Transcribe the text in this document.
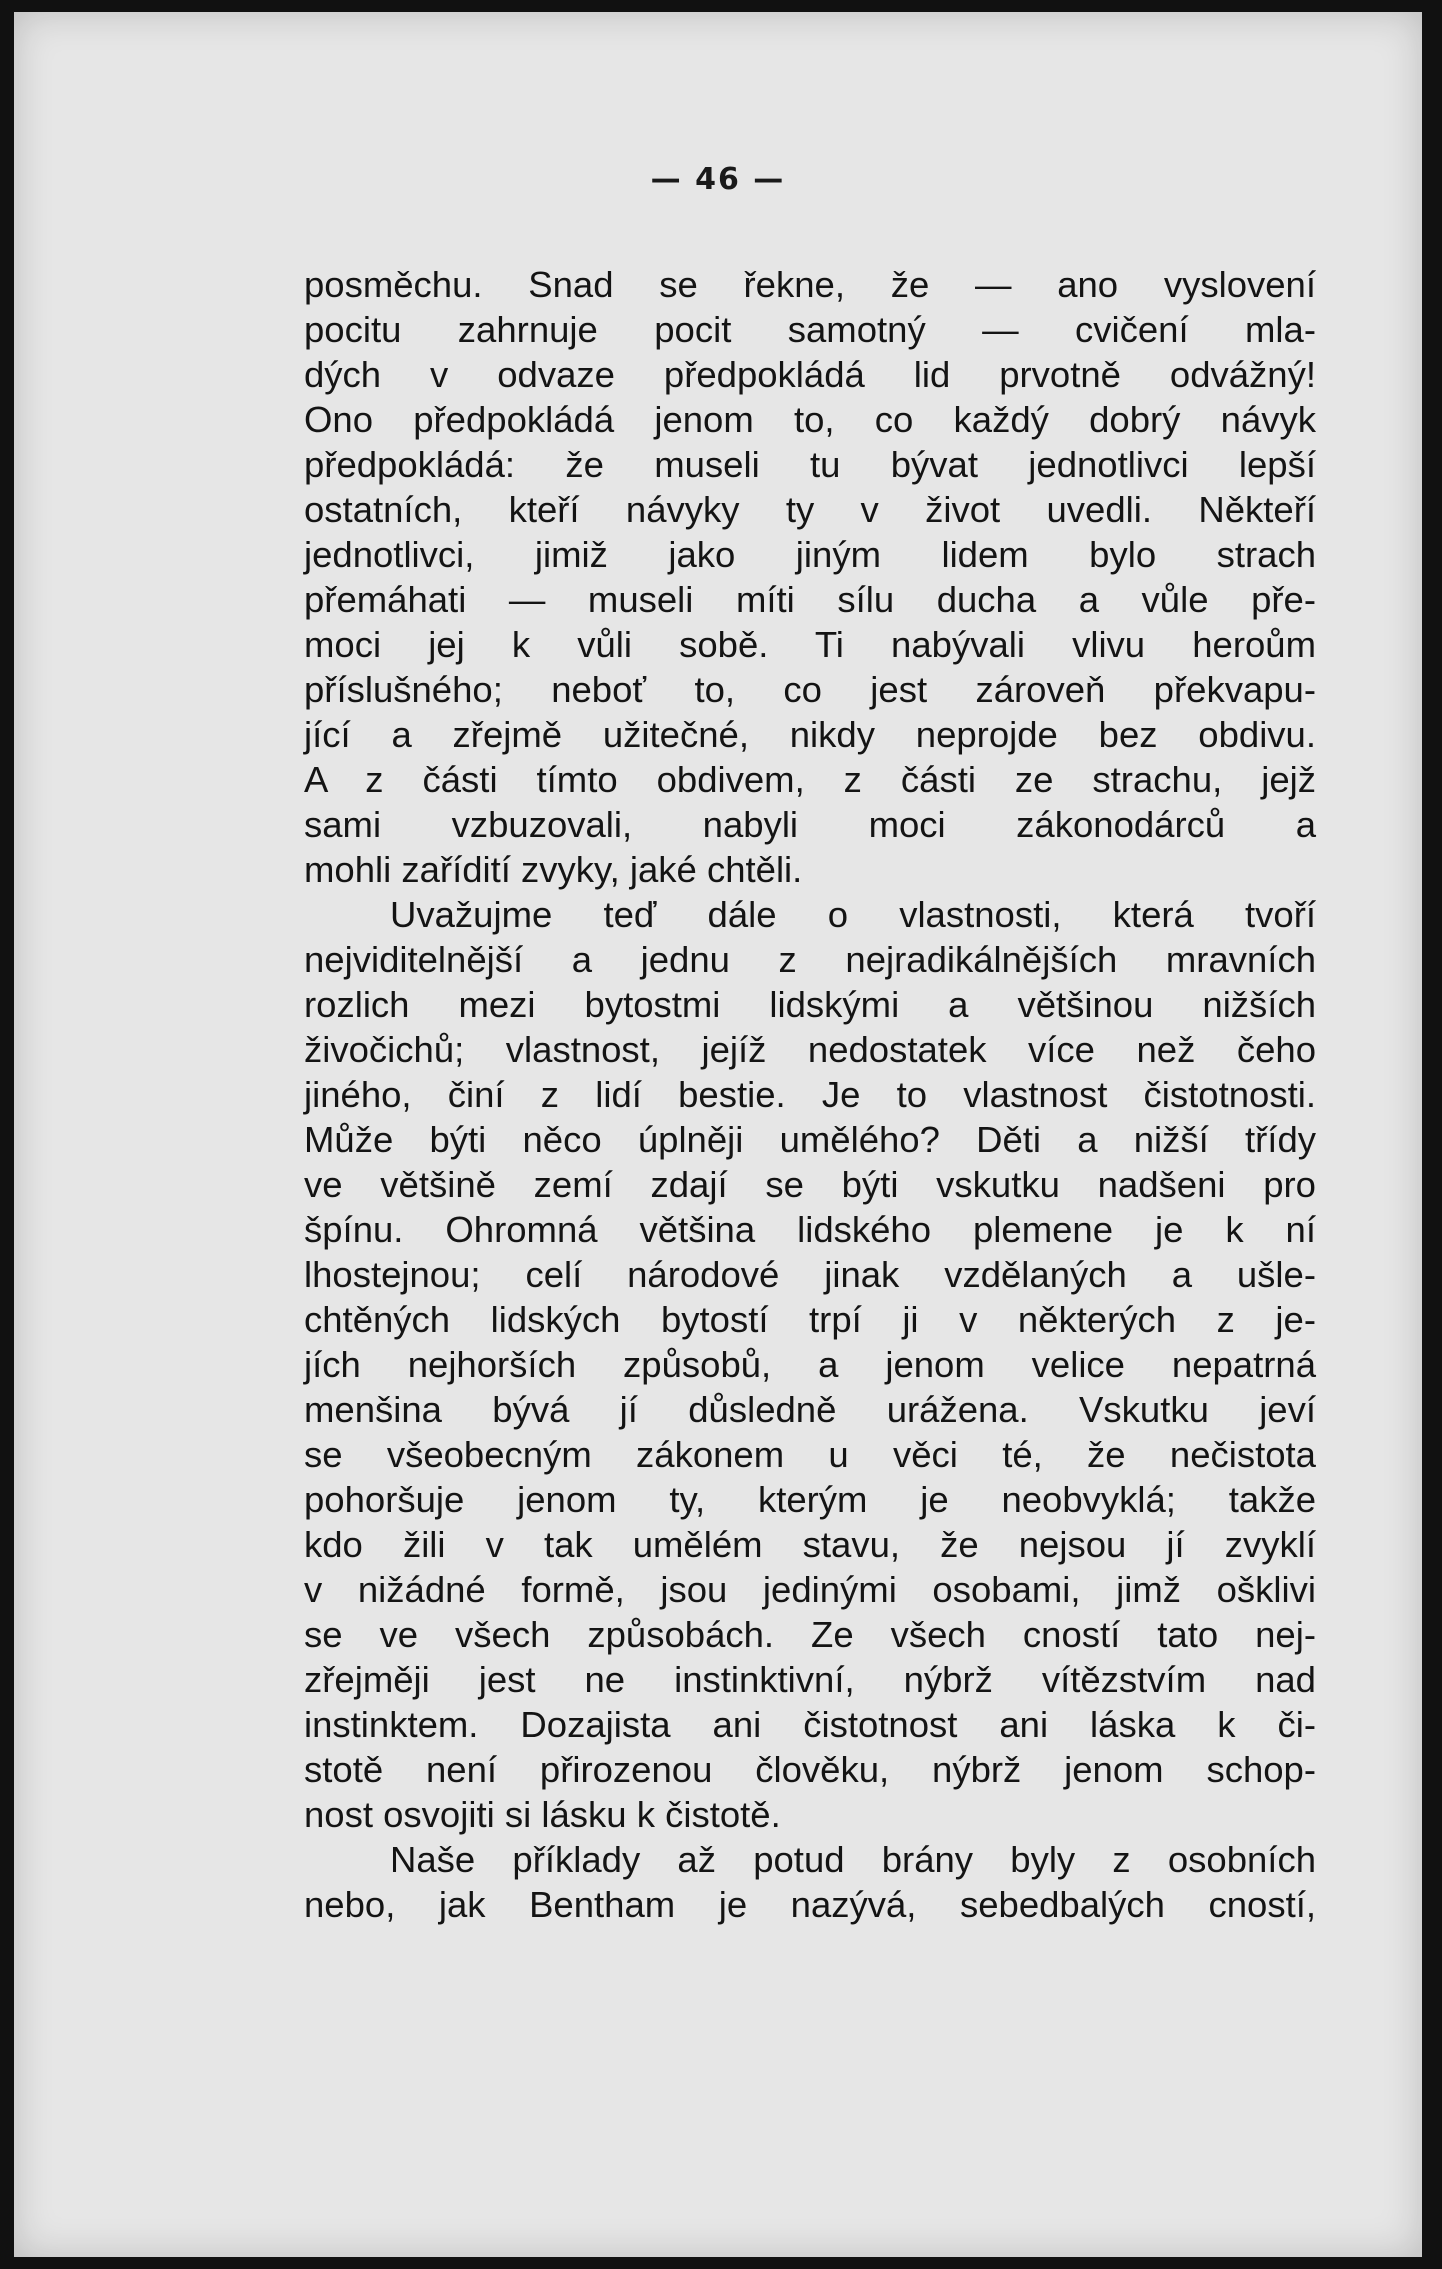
— 46 —
posměchu. Snad se řekne, že — ano vyslovení
pocitu zahrnuje pocit samotný — cvičení mla-
dých v odvaze předpokládá lid prvotně odvážný!
Ono předpokládá jenom to, co každý dobrý návyk
předpokládá: že museli tu bývat jednotlivci lepší
ostatních, kteří návyky ty v život uvedli. Někteří
jednotlivci, jimiž jako jiným lidem bylo strach
přemáhati — museli míti sílu ducha a vůle pře-
moci jej k vůli sobě. Ti nabývali vlivu heroům
příslušného; neboť to, co jest zároveň překvapu-
jící a zřejmě užitečné, nikdy neprojde bez obdivu.
A z části tímto obdivem, z části ze strachu, jejž
sami vzbuzovali, nabyli moci zákonodárců a
mohli zařídití zvyky, jaké chtěli.
Uvažujme teď dále o vlastnosti, která tvoří
nejviditelnější a jednu z nejradikálnějších mravních
rozlich mezi bytostmi lidskými a většinou nižších
živočichů; vlastnost, jejíž nedostatek více než čeho
jiného, činí z lidí bestie. Je to vlastnost čistotnosti.
Může býti něco úplněji umělého? Děti a nižší třídy
ve většině zemí zdají se býti vskutku nadšeni pro
špínu. Ohromná většina lidského plemene je k ní
lhostejnou; celí národové jinak vzdělaných a ušle-
chtěných lidských bytostí trpí ji v některých z je-
jích nejhorších způsobů, a jenom velice nepatrná
menšina bývá jí důsledně urážena. Vskutku jeví
se všeobecným zákonem u věci té, že nečistota
pohoršuje jenom ty, kterým je neobvyklá; takže
kdo žili v tak umělém stavu, že nejsou jí zvyklí
v nižádné formě, jsou jedinými osobami, jimž ošklivi
se ve všech způsobách. Ze všech cností tato nej-
zřejměji jest ne instinktivní, nýbrž vítězstvím nad
instinktem. Dozajista ani čistotnost ani láska k či-
stotě není přirozenou člověku, nýbrž jenom schop-
nost osvojiti si lásku k čistotě.
Naše příklady až potud brány byly z osobních
nebo, jak Bentham je nazývá, sebedbalých cností,
